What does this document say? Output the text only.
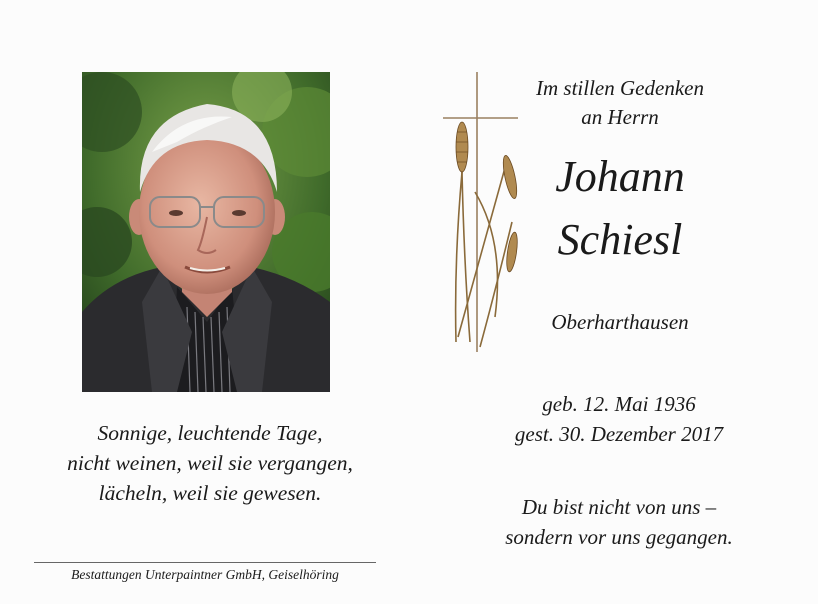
Sonnige, leuchtende Tage,
nicht weinen, weil sie vergangen,
lächeln, weil sie gewesen.
Bestattungen Unterpaintner GmbH, Geiselhöring
Im stillen Gedenken
an Herrn
Johann
Schiesl
Oberharthausen
geb. 12. Mai 1936
gest. 30. Dezember 2017
Du bist nicht von uns –
sondern vor uns gegangen.
